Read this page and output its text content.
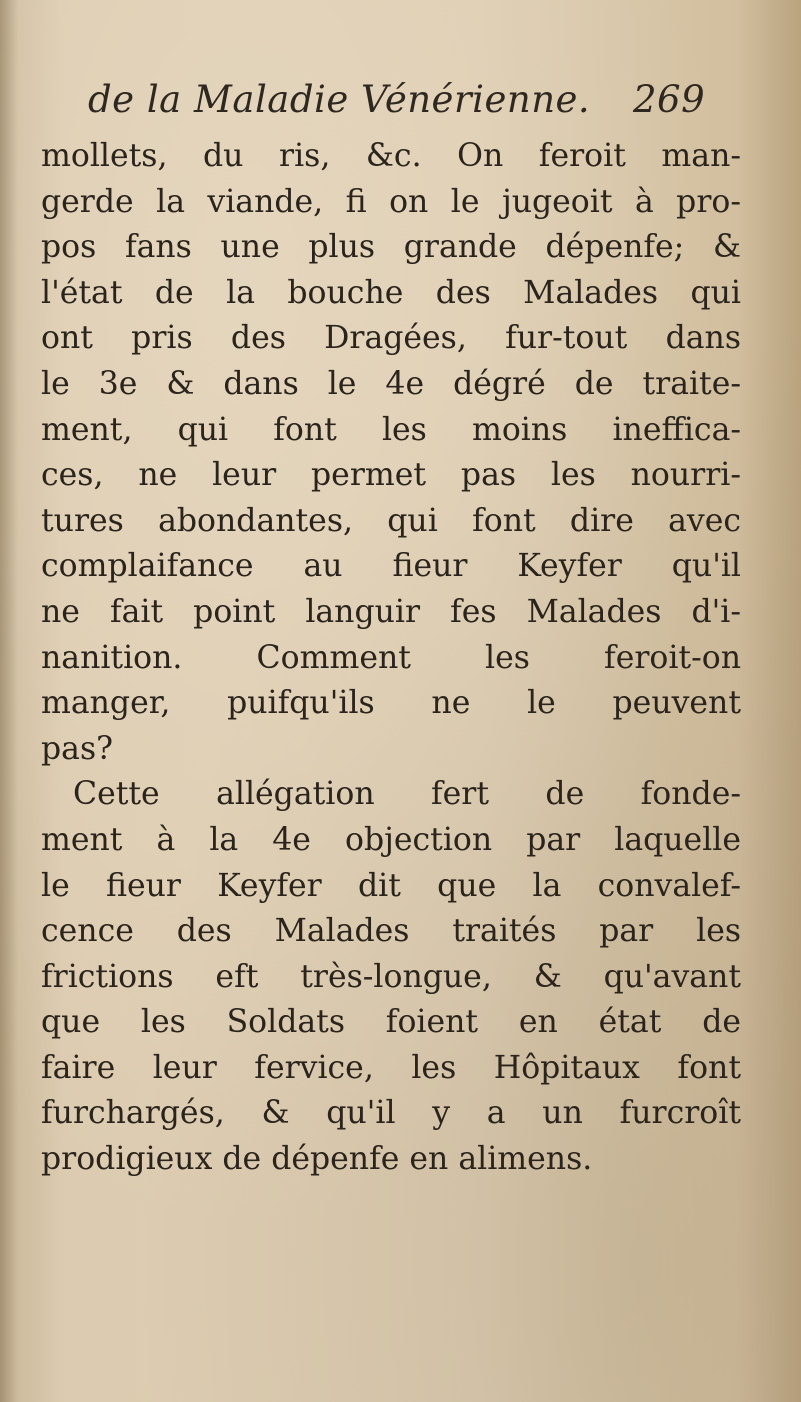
de la Maladie Vénérienne. 269
mollets, du ris, &c. On feroit man-
gerde la viande, fi on le jugeoit à pro-
pos fans une plus grande dépenfe; &
l'état de la bouche des Malades qui
ont pris des Dragées, fur-tout dans
le 3e & dans le 4e dégré de traite-
ment, qui font les moins inefficа-
ces, ne leur permet pas les nourri-
tures abondantes, qui font dire avec
complaifance au fieur Keyfer qu'il
ne fait point languir fes Malades d'i-
nanition. Comment les feroit-on
manger, puifqu'ils ne le peuvent
pas?
Cette allégation fert de fonde-
ment à la 4e objection par laquelle
le fieur Keyfer dit que la convalef-
cence des Malades traités par les
frictions eft très-longue, & qu'avant
que les Soldats foient en état de
faire leur fervice, les Hôpitaux font
furchargés, & qu'il y a un furcroît
prodigieux de dépenfe en alimens.
